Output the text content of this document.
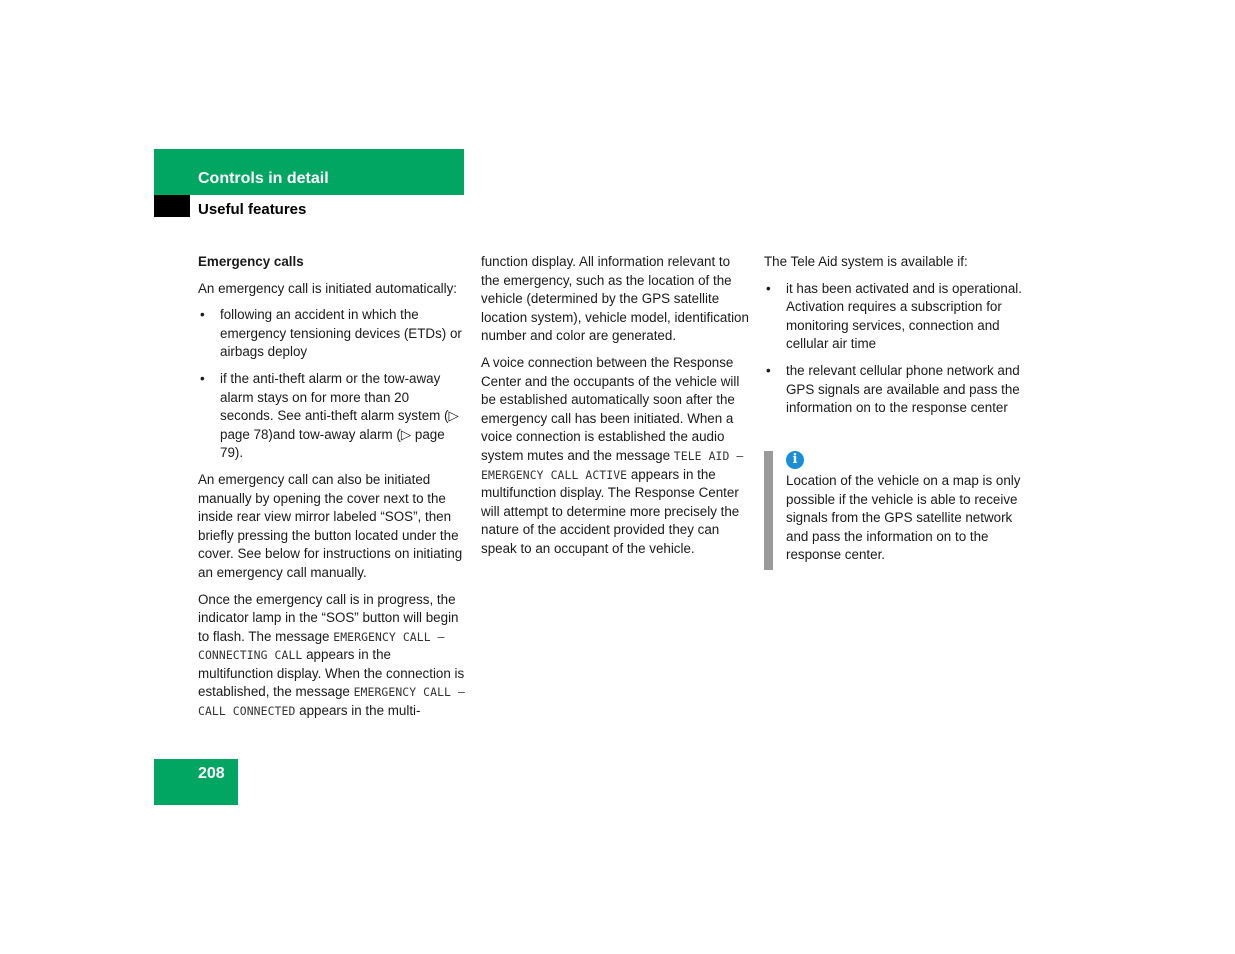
Controls in detail
Useful features
Emergency calls

An emergency call is initiated automatically:

• following an accident in which the emergency tensioning devices (ETDs) or airbags deploy
• if the anti-theft alarm or the tow-away alarm stays on for more than 20 seconds. See anti-theft alarm system (▷ page 78)and tow-away alarm (▷ page 79).

An emergency call can also be initiated manually by opening the cover next to the inside rear view mirror labeled “SOS”, then briefly pressing the button located under the cover. See below for instructions on initiating an emergency call manually.

Once the emergency call is in progress, the indicator lamp in the “SOS” button will begin to flash. The message EMERGENCY CALL – CONNECTING CALL appears in the multifunction display. When the connection is established, the message EMERGENCY CALL – CALL CONNECTED appears in the multi-

function display. All information relevant to the emergency, such as the location of the vehicle (determined by the GPS satellite location system), vehicle model, identification number and color are generated.

A voice connection between the Response Center and the occupants of the vehicle will be established automatically soon after the emergency call has been initiated. When a voice connection is established the audio system mutes and the message TELE AID – EMERGENCY CALL ACTIVE appears in the multifunction display. The Response Center will attempt to determine more precisely the nature of the accident provided they can speak to an occupant of the vehicle.

The Tele Aid system is available if:

• it has been activated and is operational. Activation requires a subscription for monitoring services, connection and cellular air time
• the relevant cellular phone network and GPS signals are available and pass the information on to the response center
i

Location of the vehicle on a map is only possible if the vehicle is able to receive signals from the GPS satellite network and pass the information on to the response center.

208
